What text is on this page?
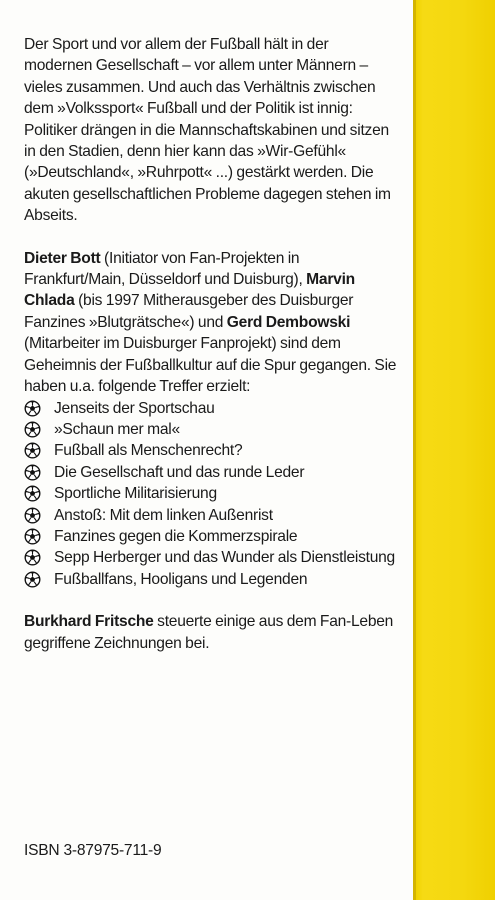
Der Sport und vor allem der Fußball hält in der modernen Gesellschaft – vor allem unter Männern – vieles zusammen. Und auch das Verhältnis zwischen dem »Volkssport« Fußball und der Politik ist innig: Politiker drängen in die Mannschaftskabinen und sitzen in den Stadien, denn hier kann das »Wir-Gefühl« (»Deutschland«, »Ruhrpott« ...) gestärkt werden. Die akuten gesellschaftlichen Probleme dagegen stehen im Abseits.

Dieter Bott (Initiator von Fan-Projekten in Frankfurt/Main, Düsseldorf und Duisburg), Marvin Chlada (bis 1997 Mitherausgeber des Duisburger Fanzines »Blutgrätsche«) und Gerd Dembowski (Mitarbeiter im Duisburger Fanprojekt) sind dem Geheimnis der Fußballkultur auf die Spur gegangen. Sie haben u.a. folgende Treffer erzielt:

Jenseits der Sportschau
»Schaun mer mal«
Fußball als Menschenrecht?
Die Gesellschaft und das runde Leder
Sportliche Militarisierung
Anstoß: Mit dem linken Außenrist
Fanzines gegen die Kommerzspirale
Sepp Herberger und das Wunder als Dienstleistung
Fußballfans, Hooligans und Legenden

Burkhard Fritsche steuerte einige aus dem Fan-Leben gegriffene Zeichnungen bei.

ISBN 3-87975-711-9
